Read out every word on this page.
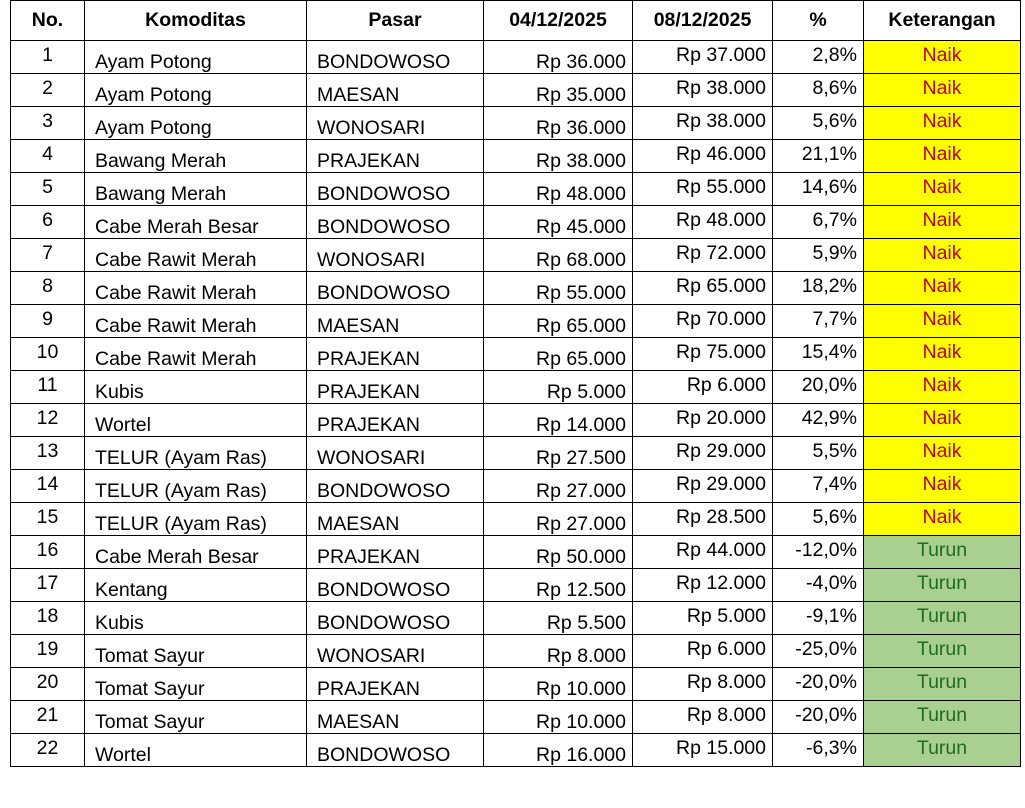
No.	Komoditas	Pasar	04/12/2025	08/12/2025	%	Keterangan
1	Ayam Potong	BONDOWOSO	Rp 36.000	Rp 37.000	2,8%	Naik
2	Ayam Potong	MAESAN	Rp 35.000	Rp 38.000	8,6%	Naik
3	Ayam Potong	WONOSARI	Rp 36.000	Rp 38.000	5,6%	Naik
4	Bawang Merah	PRAJEKAN	Rp 38.000	Rp 46.000	21,1%	Naik
5	Bawang Merah	BONDOWOSO	Rp 48.000	Rp 55.000	14,6%	Naik
6	Cabe Merah Besar	BONDOWOSO	Rp 45.000	Rp 48.000	6,7%	Naik
7	Cabe Rawit Merah	WONOSARI	Rp 68.000	Rp 72.000	5,9%	Naik
8	Cabe Rawit Merah	BONDOWOSO	Rp 55.000	Rp 65.000	18,2%	Naik
9	Cabe Rawit Merah	MAESAN	Rp 65.000	Rp 70.000	7,7%	Naik
10	Cabe Rawit Merah	PRAJEKAN	Rp 65.000	Rp 75.000	15,4%	Naik
11	Kubis	PRAJEKAN	Rp 5.000	Rp 6.000	20,0%	Naik
12	Wortel	PRAJEKAN	Rp 14.000	Rp 20.000	42,9%	Naik
13	TELUR (Ayam Ras)	WONOSARI	Rp 27.500	Rp 29.000	5,5%	Naik
14	TELUR (Ayam Ras)	BONDOWOSO	Rp 27.000	Rp 29.000	7,4%	Naik
15	TELUR (Ayam Ras)	MAESAN	Rp 27.000	Rp 28.500	5,6%	Naik
16	Cabe Merah Besar	PRAJEKAN	Rp 50.000	Rp 44.000	-12,0%	Turun
17	Kentang	BONDOWOSO	Rp 12.500	Rp 12.000	-4,0%	Turun
18	Kubis	BONDOWOSO	Rp 5.500	Rp 5.000	-9,1%	Turun
19	Tomat Sayur	WONOSARI	Rp 8.000	Rp 6.000	-25,0%	Turun
20	Tomat Sayur	PRAJEKAN	Rp 10.000	Rp 8.000	-20,0%	Turun
21	Tomat Sayur	MAESAN	Rp 10.000	Rp 8.000	-20,0%	Turun
22	Wortel	BONDOWOSO	Rp 16.000	Rp 15.000	-6,3%	Turun
